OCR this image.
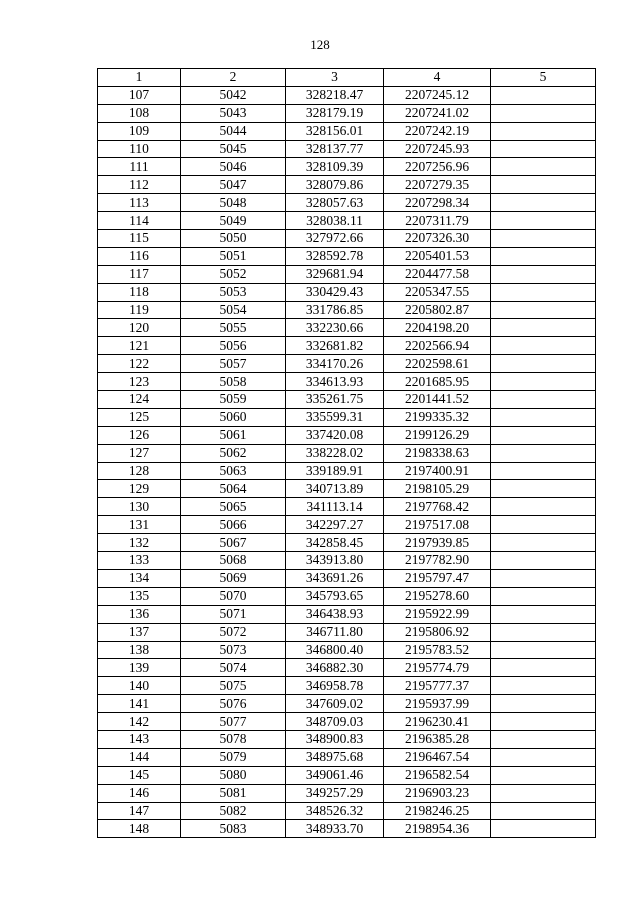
128
1	2	3	4	5
107	5042	328218.47	2207245.12	
108	5043	328179.19	2207241.02	
109	5044	328156.01	2207242.19	
110	5045	328137.77	2207245.93	
111	5046	328109.39	2207256.96	
112	5047	328079.86	2207279.35	
113	5048	328057.63	2207298.34	
114	5049	328038.11	2207311.79	
115	5050	327972.66	2207326.30	
116	5051	328592.78	2205401.53	
117	5052	329681.94	2204477.58	
118	5053	330429.43	2205347.55	
119	5054	331786.85	2205802.87	
120	5055	332230.66	2204198.20	
121	5056	332681.82	2202566.94	
122	5057	334170.26	2202598.61	
123	5058	334613.93	2201685.95	
124	5059	335261.75	2201441.52	
125	5060	335599.31	2199335.32	
126	5061	337420.08	2199126.29	
127	5062	338228.02	2198338.63	
128	5063	339189.91	2197400.91	
129	5064	340713.89	2198105.29	
130	5065	341113.14	2197768.42	
131	5066	342297.27	2197517.08	
132	5067	342858.45	2197939.85	
133	5068	343913.80	2197782.90	
134	5069	343691.26	2195797.47	
135	5070	345793.65	2195278.60	
136	5071	346438.93	2195922.99	
137	5072	346711.80	2195806.92	
138	5073	346800.40	2195783.52	
139	5074	346882.30	2195774.79	
140	5075	346958.78	2195777.37	
141	5076	347609.02	2195937.99	
142	5077	348709.03	2196230.41	
143	5078	348900.83	2196385.28	
144	5079	348975.68	2196467.54	
145	5080	349061.46	2196582.54	
146	5081	349257.29	2196903.23	
147	5082	348526.32	2198246.25	
148	5083	348933.70	2198954.36	
